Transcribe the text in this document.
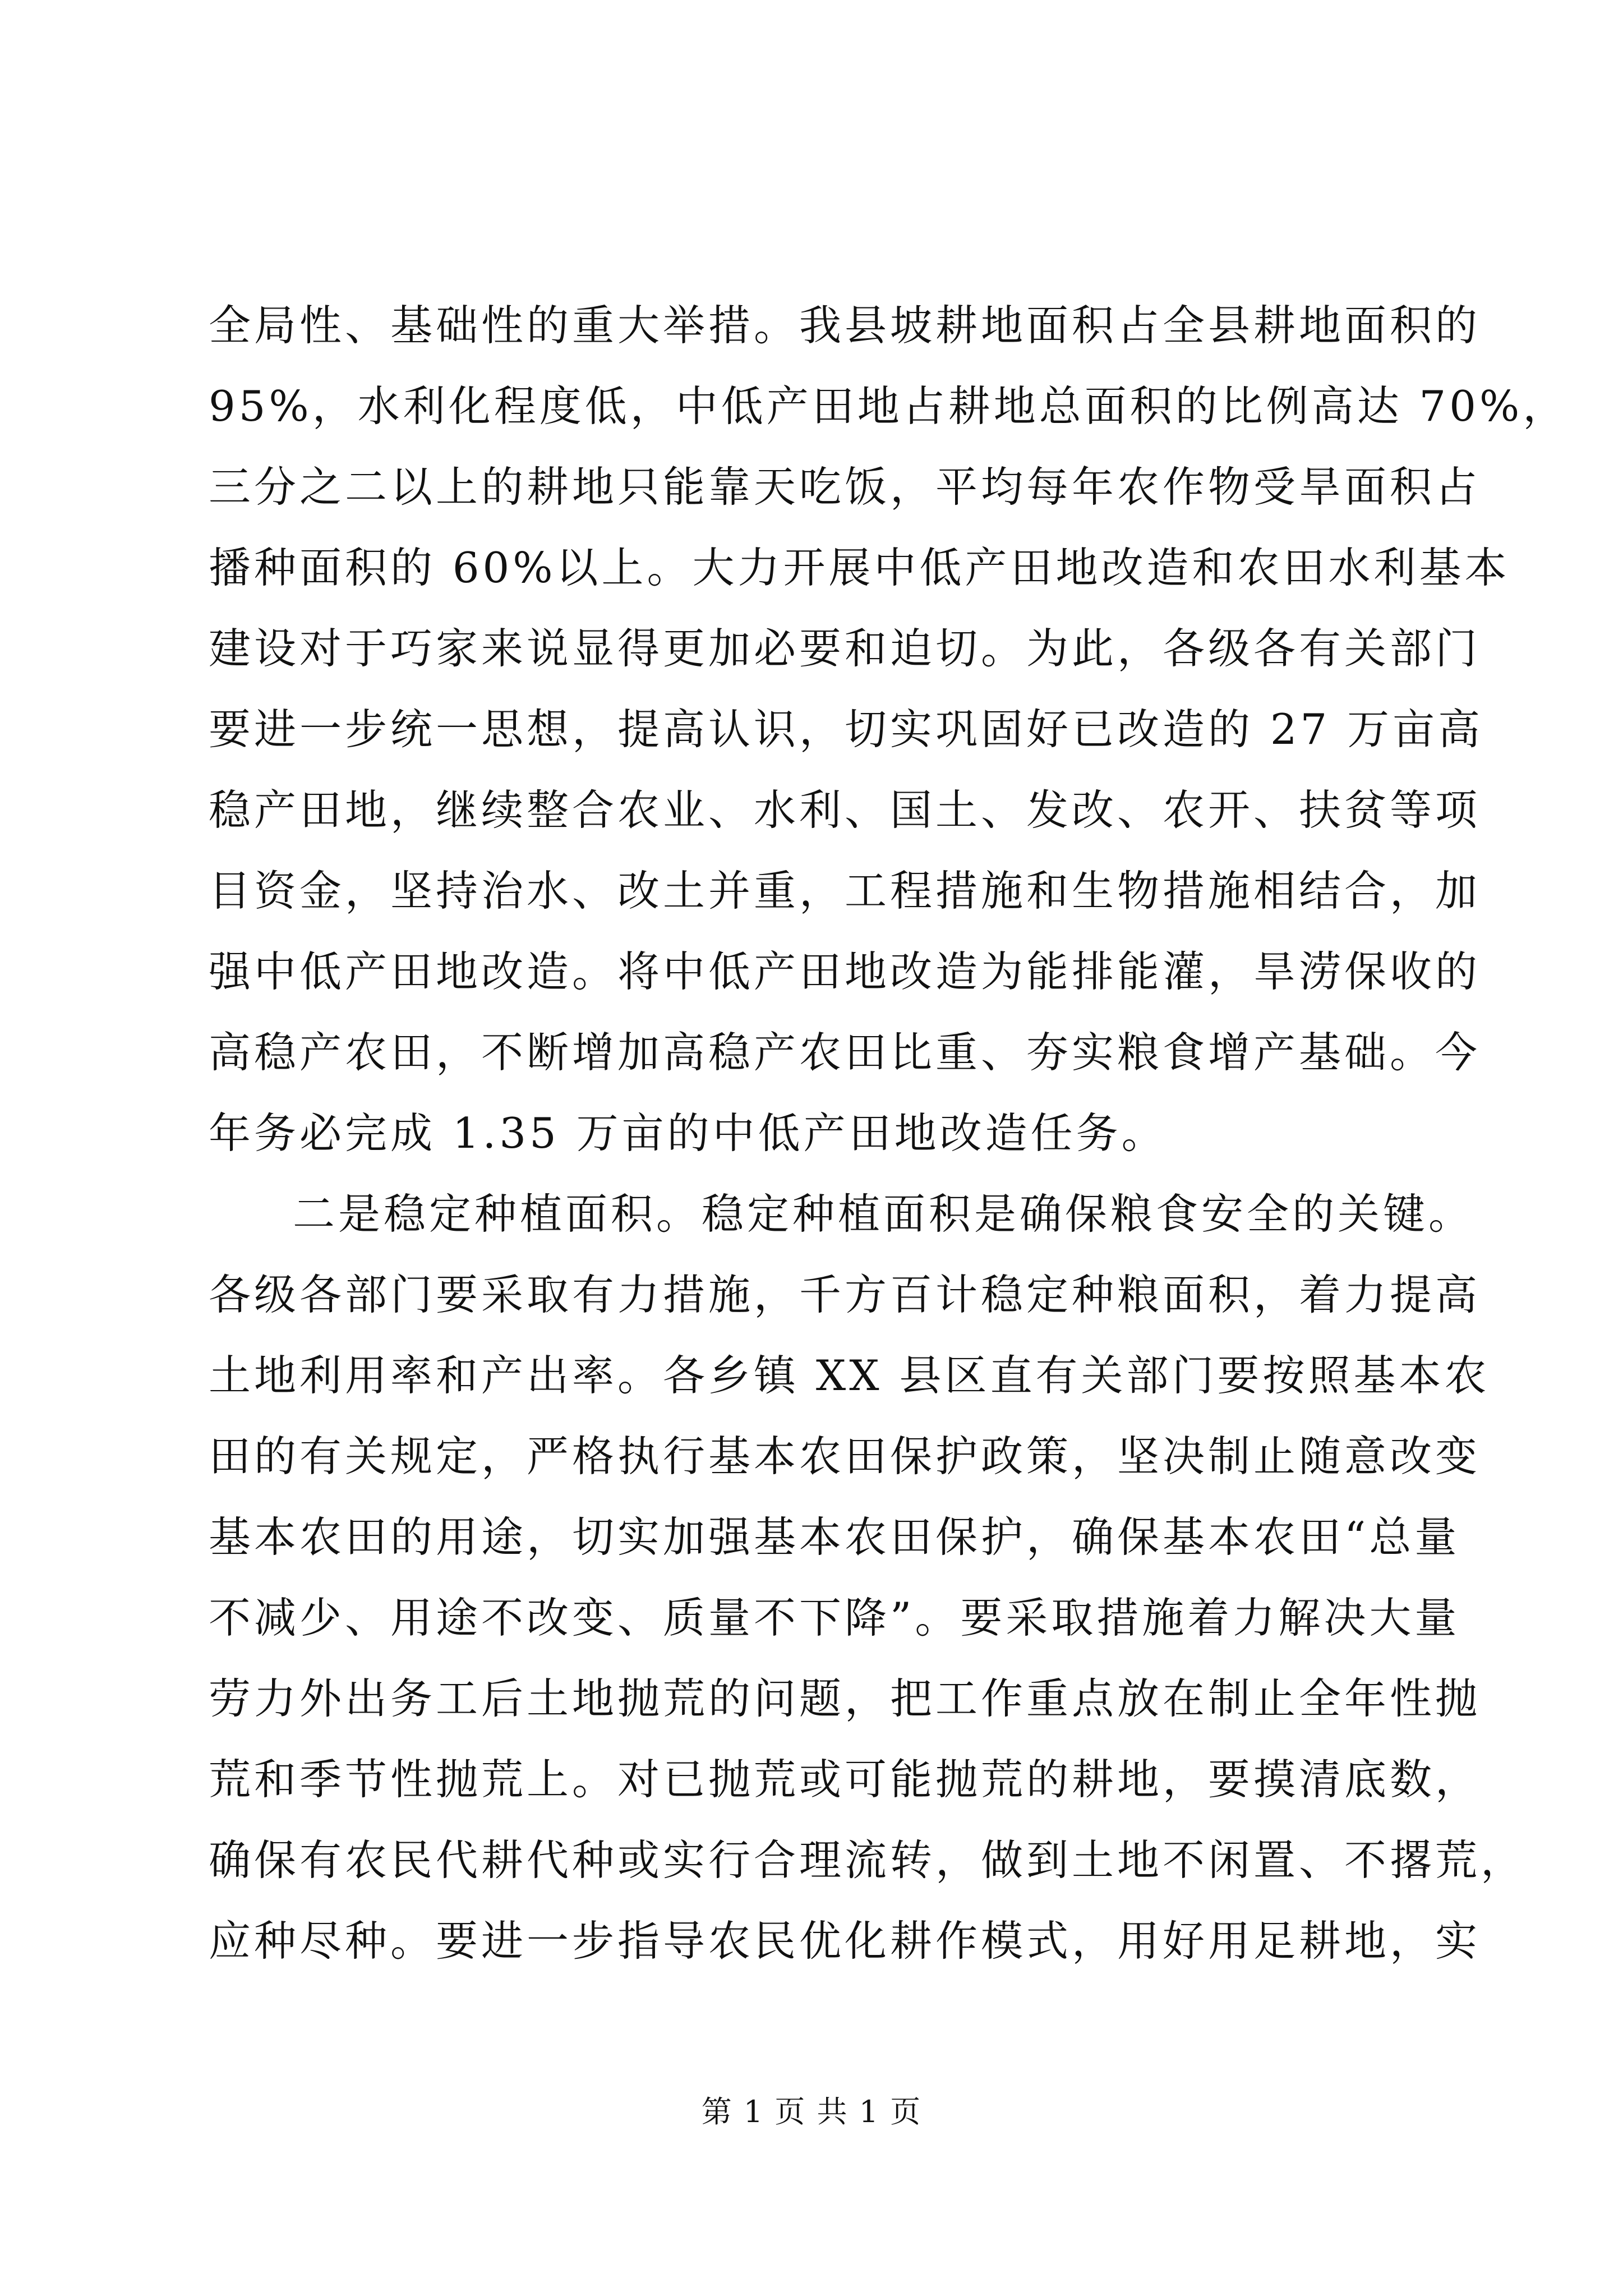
全局性、基础性的重大举措。我县坡耕地面积占全县耕地面积的
95%，水利化程度低，中低产田地占耕地总面积的比例高达 70%，
三分之二以上的耕地只能靠天吃饭，平均每年农作物受旱面积占
播种面积的 60%以上。大力开展中低产田地改造和农田水利基本
建设对于巧家来说显得更加必要和迫切。为此，各级各有关部门
要进一步统一思想，提高认识，切实巩固好已改造的 27 万亩高
稳产田地，继续整合农业、水利、国土、发改、农开、扶贫等项
目资金，坚持治水、改土并重，工程措施和生物措施相结合，加
强中低产田地改造。将中低产田地改造为能排能灌，旱涝保收的
高稳产农田，不断增加高稳产农田比重、夯实粮食增产基础。今
年务必完成 1.35 万亩的中低产田地改造任务。
二是稳定种植面积。稳定种植面积是确保粮食安全的关键。
各级各部门要采取有力措施，千方百计稳定种粮面积，着力提高
土地利用率和产出率。各乡镇 XX 县区直有关部门要按照基本农
田的有关规定，严格执行基本农田保护政策，坚决制止随意改变
基本农田的用途，切实加强基本农田保护，确保基本农田“总量
不减少、用途不改变、质量不下降”。要采取措施着力解决大量
劳力外出务工后土地抛荒的问题，把工作重点放在制止全年性抛
荒和季节性抛荒上。对已抛荒或可能抛荒的耕地，要摸清底数，
确保有农民代耕代种或实行合理流转，做到土地不闲置、不撂荒，
应种尽种。要进一步指导农民优化耕作模式，用好用足耕地，实
第 1 页 共 1 页
